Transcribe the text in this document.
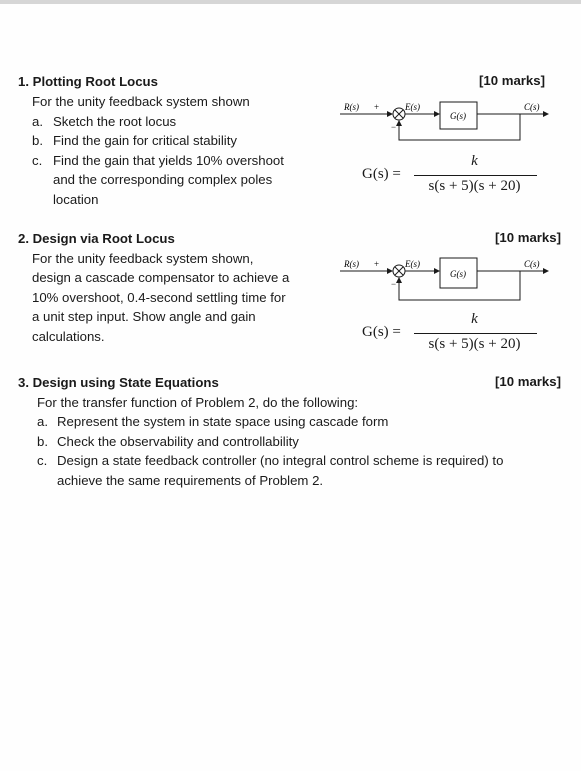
1. Plotting Root Locus	[10 marks]
For the unity feedback system shown
a. Sketch the root locus
b. Find the gain for critical stability
c. Find the gain that yields 10% overshoot
and the corresponding complex poles
location
R(s) +
−
E(s)
G(s)
C(s)
G(s) =
k
s(s + 5)(s + 20)
2. Design via Root Locus	[10 marks]
For the unity feedback system shown,
design a cascade compensator to achieve a
10% overshoot, 0.4-second settling time for
a unit step input. Show angle and gain
calculations.
R(s) +
−
E(s)
G(s)
C(s)
G(s) =
k
s(s + 5)(s + 20)
3. Design using State Equations	[10 marks]
For the transfer function of Problem 2, do the following:
a. Represent the system in state space using cascade form
b. Check the observability and controllability
c. Design a state feedback controller (no integral control scheme is required) to
achieve the same requirements of Problem 2.
